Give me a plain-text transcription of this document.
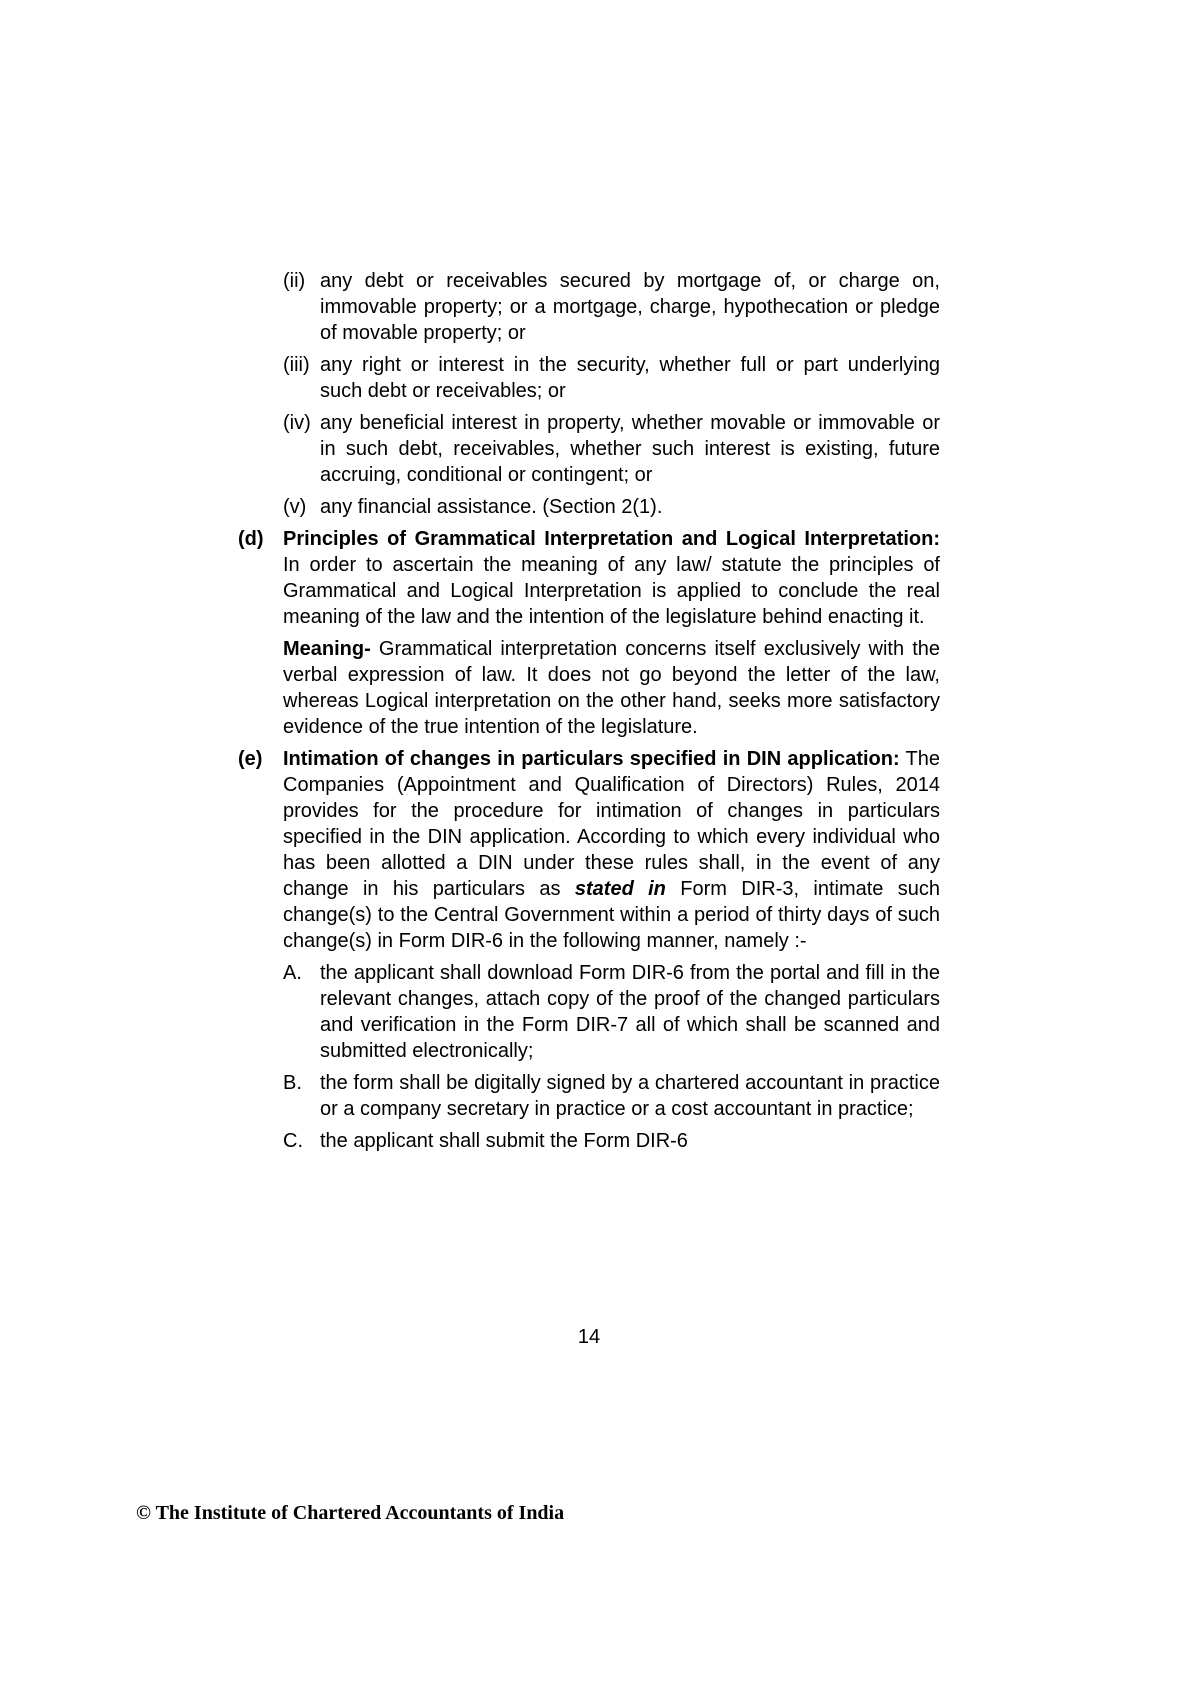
(ii) any debt or receivables secured by mortgage of, or charge on, immovable property; or a mortgage, charge, hypothecation or pledge of movable property; or
(iii) any right or interest in the security, whether full or part underlying such debt or receivables; or
(iv) any beneficial interest in property, whether movable or immovable or in such debt, receivables, whether such interest is existing, future accruing, conditional or contingent; or
(v) any financial assistance. (Section 2(1).
(d) Principles of Grammatical Interpretation and Logical Interpretation: In order to ascertain the meaning of any law/ statute the principles of Grammatical and Logical Interpretation is applied to conclude the real meaning of the law and the intention of the legislature behind enacting it.
Meaning- Grammatical interpretation concerns itself exclusively with the verbal expression of law. It does not go beyond the letter of the law, whereas Logical interpretation on the other hand, seeks more satisfactory evidence of the true intention of the legislature.
(e)	Intimation of changes in particulars specified in DIN application: The Companies (Appointment and Qualification of Directors) Rules, 2014 provides for the procedure for intimation of changes in particulars specified in the DIN application. According to which every individual who has been allotted a DIN under these rules shall, in the event of any change in his particulars as stated in Form DIR-3, intimate such change(s) to the Central Government within a period of thirty days of such change(s) in Form DIR-6 in the following manner, namely :-
A. the applicant shall download Form DIR-6 from the portal and fill in the relevant changes, attach copy of the proof of the changed particulars and verification in the Form DIR-7 all of which shall be scanned and submitted electronically;
B. the form shall be digitally signed by a chartered accountant in practice or a company secretary in practice or a cost accountant in practice;
C. the applicant shall submit the Form DIR-6
14
© The Institute of Chartered Accountants of India
